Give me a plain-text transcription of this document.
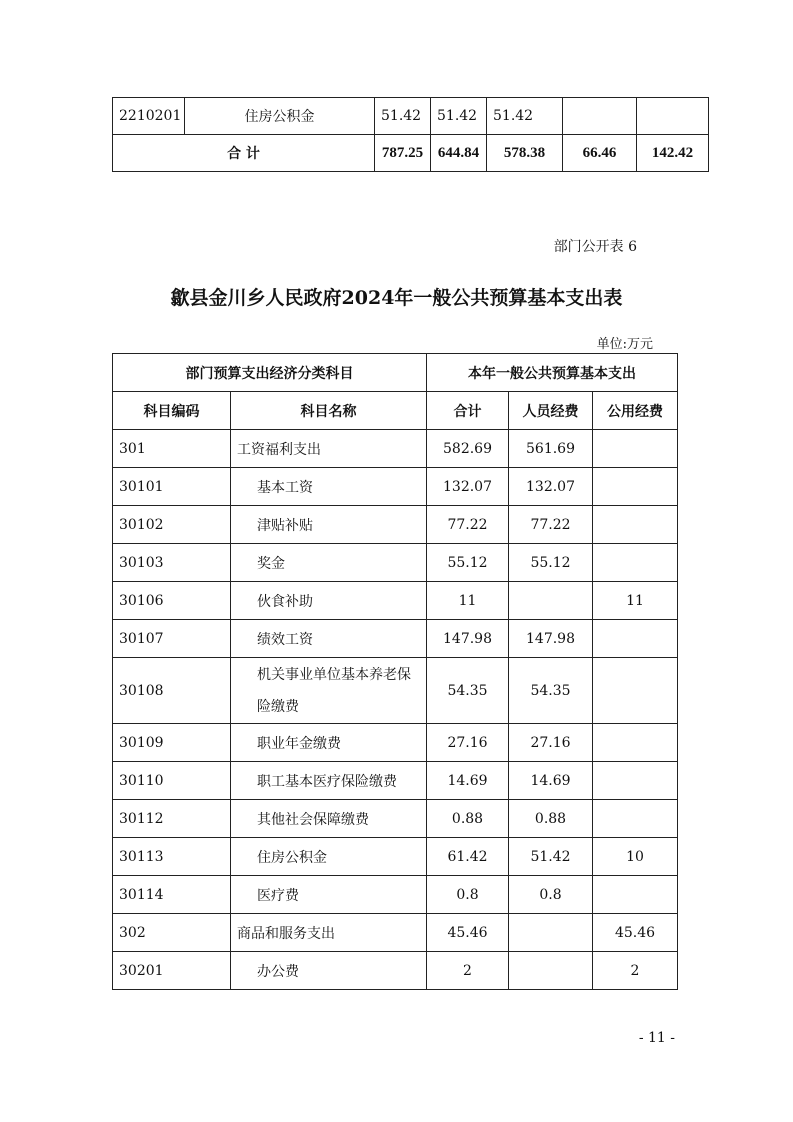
2210201	住房公积金	51.42	51.42	51.42		
合 计		787.25	644.84	578.38	66.46	142.42
部门公开表 6
歙县金川乡人民政府2024年一般公共预算基本支出表
单位:万元
部门预算支出经济分类科目		本年一般公共预算基本支出		
科目编码	科目名称	合计	人员经费	公用经费
301	工资福利支出	582.69	561.69	
30101	基本工资	132.07	132.07	
30102	津贴补贴	77.22	77.22	
30103	奖金	55.12	55.12	
30106	伙食补助	11		11
30107	绩效工资	147.98	147.98	
30108	机关事业单位基本养老保险缴费	54.35	54.35	
30109	职业年金缴费	27.16	27.16	
30110	职工基本医疗保险缴费	14.69	14.69	
30112	其他社会保障缴费	0.88	0.88	
30113	住房公积金	61.42	51.42	10
30114	医疗费	0.8	0.8	
302	商品和服务支出	45.46		45.46
30201	办公费	2		2
- 11 -
